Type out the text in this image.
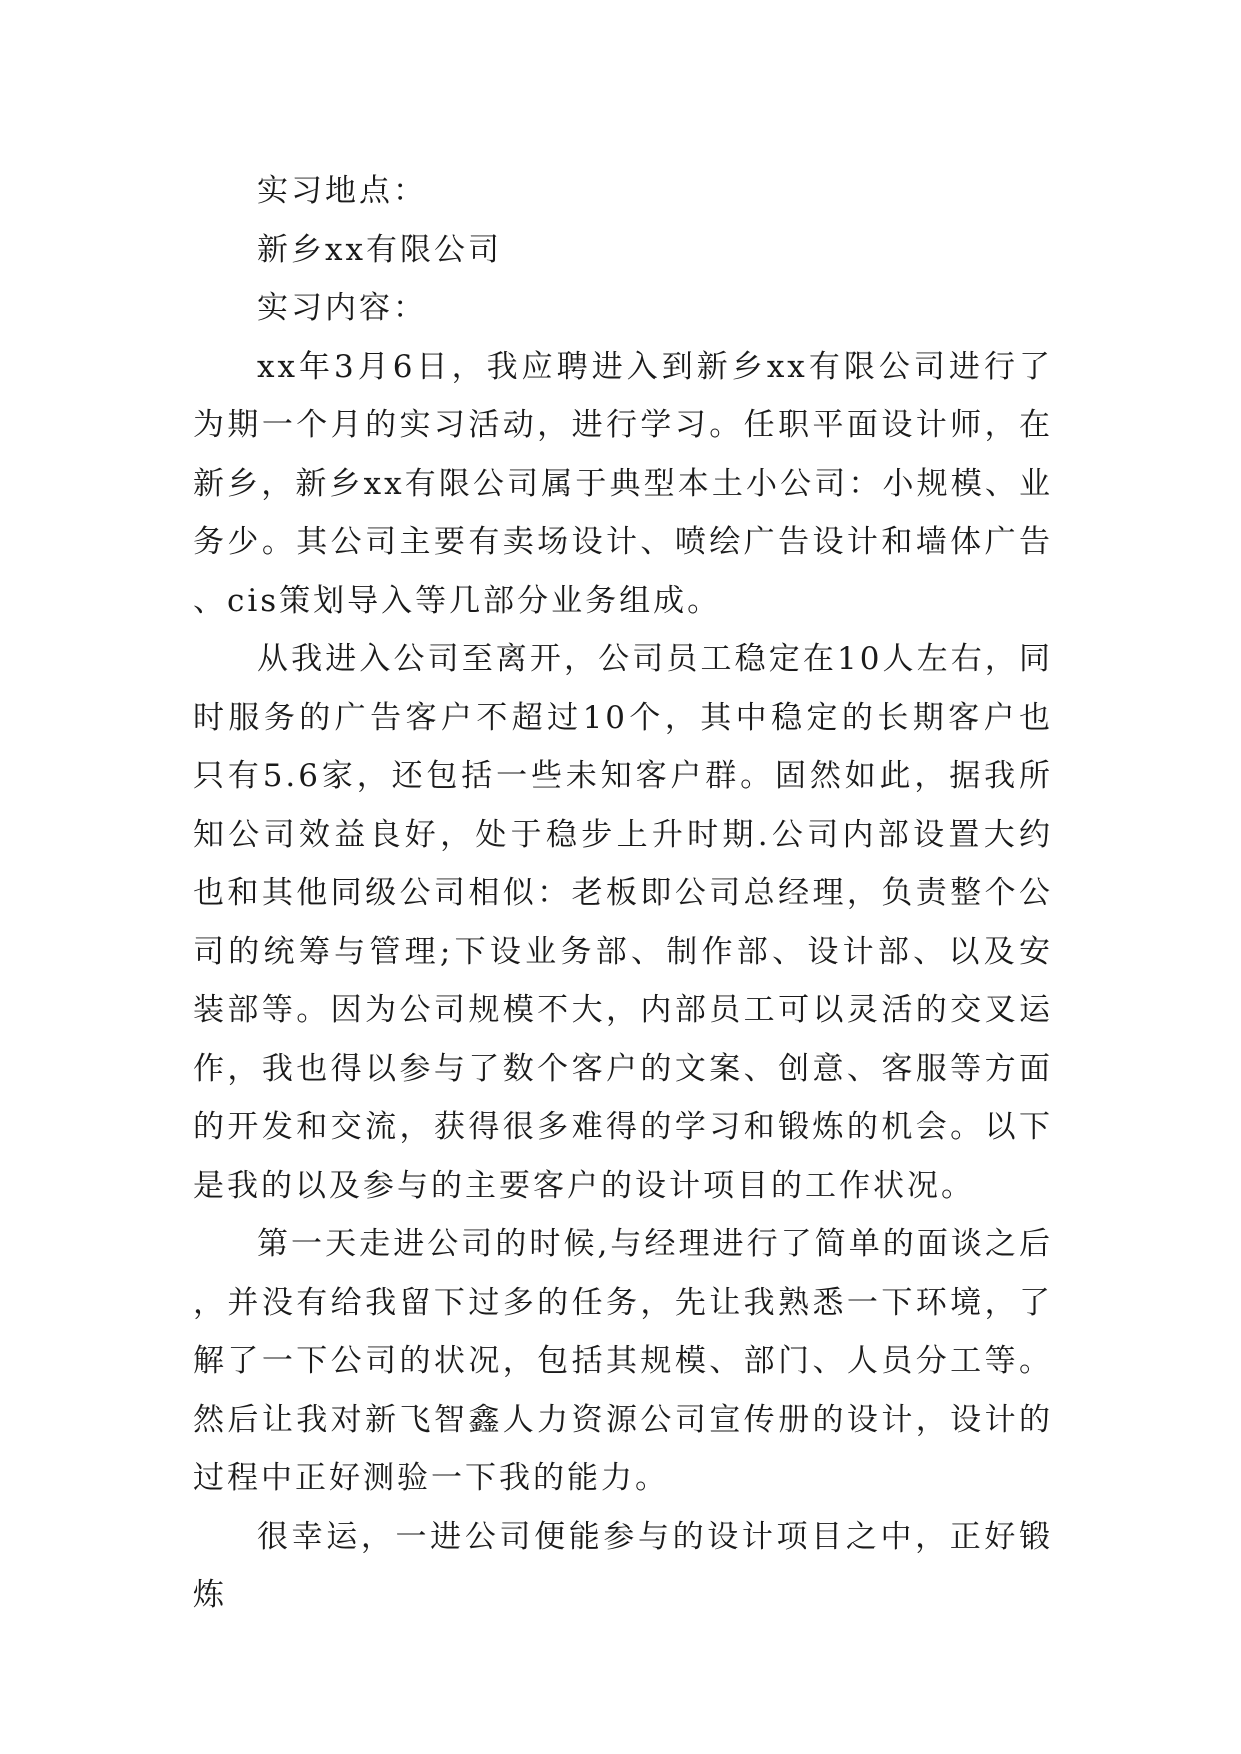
实习地点：

新乡xx有限公司

实习内容：

xx年3月6日，我应聘进入到新乡xx有限公司进行了为期一个月的实习活动，进行学习。任职平面设计师，在新乡，新乡xx有限公司属于典型本土小公司：小规模、业务少。其公司主要有卖场设计、喷绘广告设计和墙体广告、cis策划导入等几部分业务组成。

从我进入公司至离开，公司员工稳定在10人左右，同时服务的广告客户不超过10个，其中稳定的长期客户也只有5.6家，还包括一些未知客户群。固然如此，据我所知公司效益良好，处于稳步上升时期.公司内部设置大约也和其他同级公司相似：老板即公司总经理，负责整个公司的统筹与管理;下设业务部、制作部、设计部、以及安装部等。因为公司规模不大，内部员工可以灵活的交叉运作，我也得以参与了数个客户的文案、创意、客服等方面的开发和交流，获得很多难得的学习和锻炼的机会。以下是我的以及参与的主要客户的设计项目的工作状况。

第一天走进公司的时候,与经理进行了简单的面谈之后，并没有给我留下过多的任务，先让我熟悉一下环境，了解了一下公司的状况，包括其规模、部门、人员分工等。然后让我对新飞智鑫人力资源公司宣传册的设计，设计的过程中正好测验一下我的能力。

很幸运，一进公司便能参与的设计项目之中，正好锻炼
